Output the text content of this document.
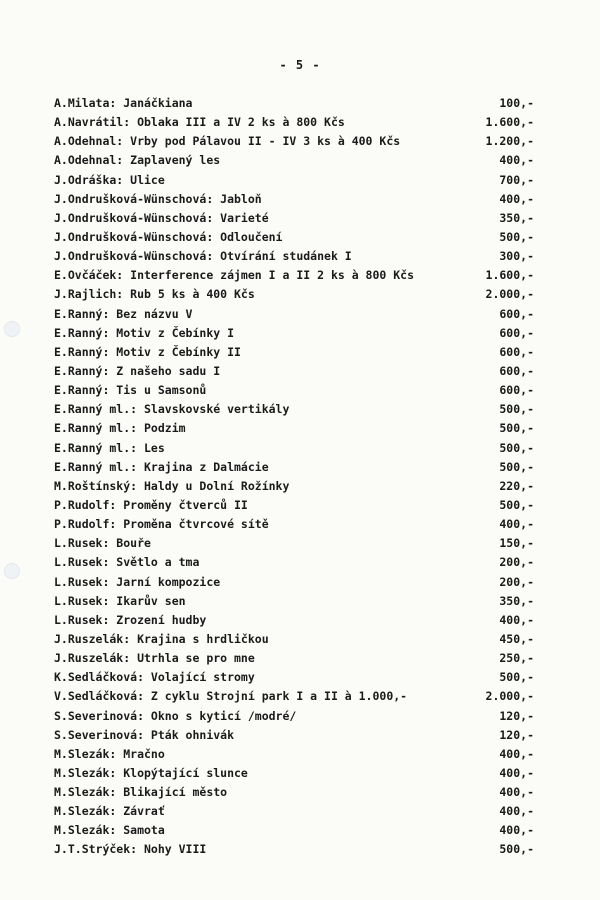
- 5 -
A.Milata: Janáčkiana	100,-
A.Navrátil: Oblaka III a IV 2 ks à 800 Kčs	1.600,-
A.Odehnal: Vrby pod Pálavou II - IV 3 ks à 400 Kčs	1.200,-
A.Odehnal: Zaplavený les	400,-
J.Odráška: Ulice	700,-
J.Ondrušková-Wünschová: Jabloň	400,-
J.Ondrušková-Wünschová: Varieté	350,-
J.Ondrušková-Wünschová: Odloučení	500,-
J.Ondrušková-Wünschová: Otvírání studánek I	300,-
E.Ovčáček: Interference zájmen I a II 2 ks à 800 Kčs	1.600,-
J.Rajlich: Rub 5 ks à 400 Kčs	2.000,-
E.Ranný: Bez názvu V	600,-
E.Ranný: Motiv z Čebínky I	600,-
E.Ranný: Motiv z Čebínky II	600,-
E.Ranný: Z našeho sadu I	600,-
E.Ranný: Tis u Samsonů	600,-
E.Ranný ml.: Slavskovské vertikály	500,-
E.Ranný ml.: Podzim	500,-
E.Ranný ml.: Les	500,-
E.Ranný ml.: Krajina z Dalmácie	500,-
M.Roštínský: Haldy u Dolní Rožínky	220,-
P.Rudolf: Proměny čtverců II	500,-
P.Rudolf: Proměna čtvrcové sítě	400,-
L.Rusek: Bouře	150,-
L.Rusek: Světlo a tma	200,-
L.Rusek: Jarní kompozice	200,-
L.Rusek: Ikarův sen	350,-
L.Rusek: Zrození hudby	400,-
J.Ruszelák: Krajina s hrdličkou	450,-
J.Ruszelák: Utrhla se pro mne	250,-
K.Sedláčková: Volající stromy	500,-
V.Sedláčková: Z cyklu Strojní park I a II à 1.000,-	2.000,-
S.Severinová: Okno s kyticí /modré/	120,-
S.Severinová: Pták ohnivák	120,-
M.Slezák: Mračno	400,-
M.Slezák: Klopýtající slunce	400,-
M.Slezák: Blikající město	400,-
M.Slezák: Závrať	400,-
M.Slezák: Samota	400,-
J.T.Strýček: Nohy VIII	500,-
